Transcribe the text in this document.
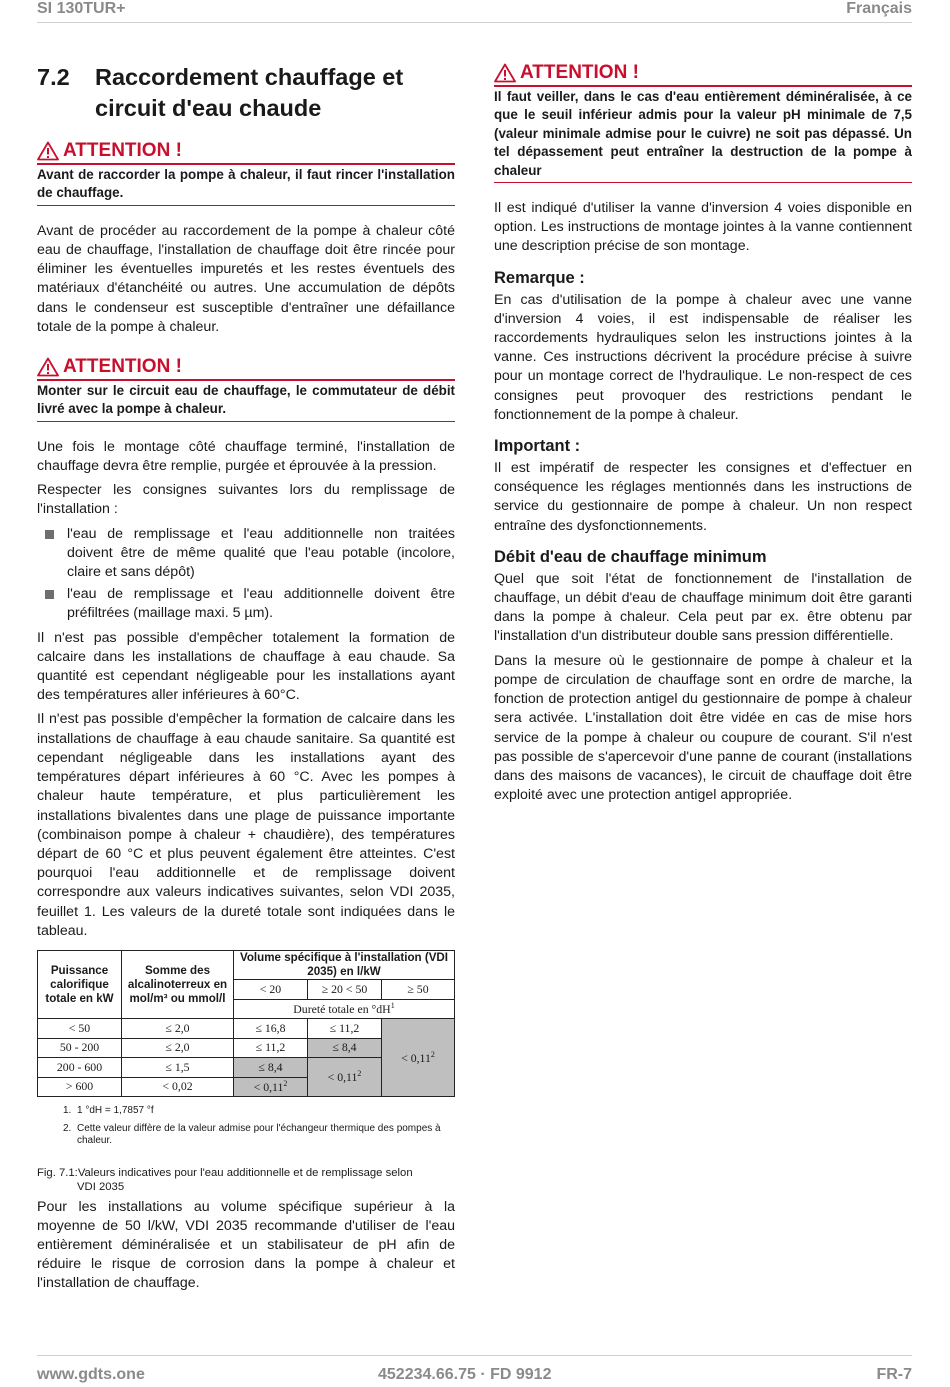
SI 130TUR+	Français
7.2	Raccordement chauffage et circuit d'eau chaude
ATTENTION !
Avant de raccorder la pompe à chaleur, il faut rincer l'installation de chauffage.

Avant de procéder au raccordement de la pompe à chaleur côté eau de chauffage, l'installation de chauffage doit être rincée pour éliminer les éventuelles impuretés et les restes éventuels des matériaux d'étanchéité ou autres. Une accumulation de dépôts dans le condenseur est susceptible d'entraîner une défaillance totale de la pompe à chaleur.

ATTENTION !
Monter sur le circuit eau de chauffage, le commutateur de débit livré avec la pompe à chaleur.

Une fois le montage côté chauffage terminé, l'installation de chauffage devra être remplie, purgée et éprouvée à la pression.

Respecter les consignes suivantes lors du remplissage de l'installation :

l'eau de remplissage et l'eau additionnelle non traitées doivent être de même qualité que l'eau potable (incolore, claire et sans dépôt)
l'eau de remplissage et l'eau additionnelle doivent être préfiltrées (maillage maxi. 5 µm).

Il n'est pas possible d'empêcher totalement la formation de calcaire dans les installations de chauffage à eau chaude. Sa quantité est cependant négligeable pour les installations ayant des températures aller inférieures à 60°C.

Il n'est pas possible d'empêcher la formation de calcaire dans les installations de chauffage à eau chaude sanitaire. Sa quantité est cependant négligeable dans les installations ayant des températures départ inférieures à 60 °C. Avec les pompes à chaleur haute température, et plus particulièrement les installations bivalentes dans une plage de puissance importante (combinaison pompe à chaleur + chaudière), des températures départ de 60 °C et plus peuvent également être atteintes. C'est pourquoi l'eau additionnelle et de remplissage doivent correspondre aux valeurs indicatives suivantes, selon VDI 2035, feuillet 1. Les valeurs de la dureté totale sont indiquées dans le tableau.

Puissance calorifique totale en kW	Somme des alcalinoterreux en mol/m³ ou mmol/l	Volume spécifique à l'installation (VDI 2035) en l/kW		
		< 20	≥ 20 < 50	≥ 50
		Dureté totale en $^\circ dH^1$
< 50	≤ 2,0	≤ 16,8	≤ 11,2	< $0,11^2$
50 - 200	≤ 2,0	≤ 11,2	≤ 8,4	
200 - 600	≤ 1,5	≤ 8,4	< $0,11^2$
> 600	< 0,02	< $0,11^2$
1. 1 °dH = 1,7857 °f
2. Cette valeur diffère de la valeur admise pour l'échangeur thermique des pompes à chaleur.
Fig. 7.1:Valeurs indicatives pour l'eau additionnelle et de remplissage selon
VDI 2035

Pour les installations au volume spécifique supérieur à la moyenne de 50 l/kW, VDI 2035 recommande d'utiliser de l'eau entièrement déminéralisée et un stabilisateur de pH afin de réduire le risque de corrosion dans la pompe à chaleur et l'installation de chauffage.

ATTENTION !
Il faut veiller, dans le cas d'eau entièrement déminéralisée, à ce que le seuil inférieur admis pour la valeur pH minimale de 7,5 (valeur minimale admise pour le cuivre) ne soit pas dépassé. Un tel dépassement peut entraîner la destruction de la pompe à chaleur

Il est indiqué d'utiliser la vanne d'inversion 4 voies disponible en option. Les instructions de montage jointes à la vanne contiennent une description précise de son montage.

Remarque :

En cas d'utilisation de la pompe à chaleur avec une vanne d'inversion 4 voies, il est indispensable de réaliser les raccordements hydrauliques selon les instructions jointes à la vanne. Ces instructions décrivent la procédure précise à suivre pour un montage correct de l'hydraulique. Le non-respect de ces consignes peut provoquer des restrictions pendant le fonctionnement de la pompe à chaleur.

Important :

Il est impératif de respecter les consignes et d'effectuer en conséquence les réglages mentionnés dans les instructions de service du gestionnaire de pompe à chaleur. Un non respect entraîne des dysfonctionnements.

Débit d'eau de chauffage minimum

Quel que soit l'état de fonctionnement de l'installation de chauffage, un débit d'eau de chauffage minimum doit être garanti dans la pompe à chaleur. Cela peut par ex. être obtenu par l'installation d'un distributeur double sans pression différentielle.

Dans la mesure où le gestionnaire de pompe à chaleur et la pompe de circulation de chauffage sont en ordre de marche, la fonction de protection antigel du gestionnaire de pompe à chaleur sera activée. L'installation doit être vidée en cas de mise hors service de la pompe à chaleur ou coupure de courant. S'il n'est pas possible de s'apercevoir d'une panne de courant (installations dans des maisons de vacances), le circuit de chauffage doit être exploité avec une protection antigel appropriée.

www.gdts.one	452234.66.75 · FD 9912	FR-7
